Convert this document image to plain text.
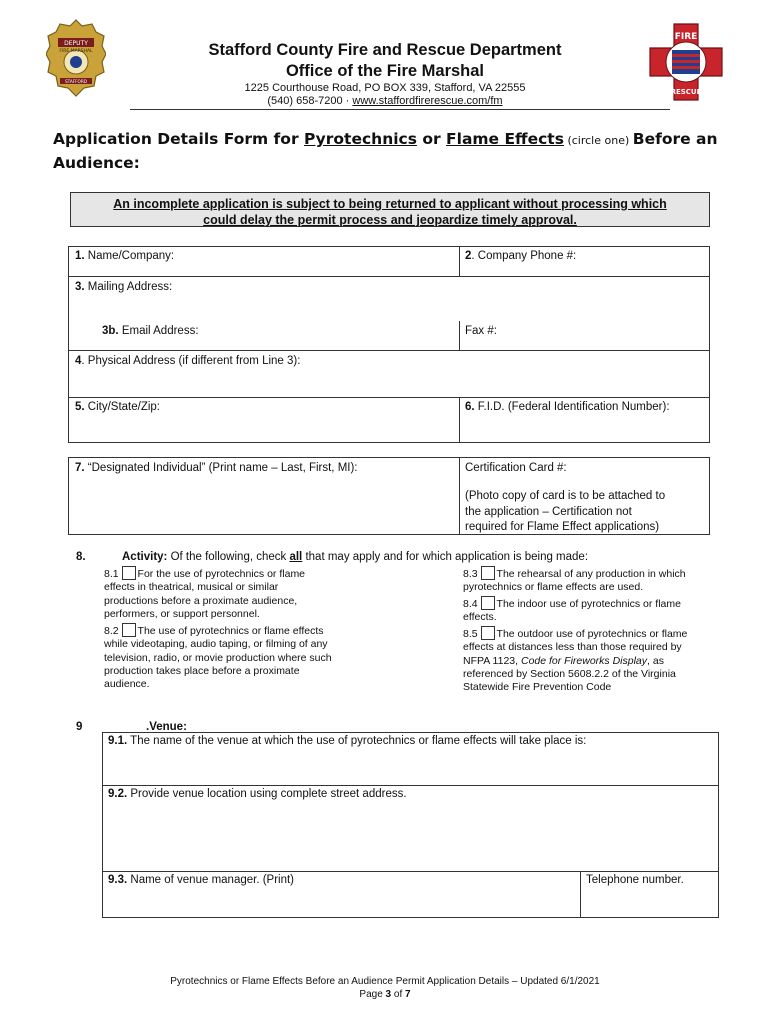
DEPUTY
FIRE MARSHAL
STAFFORD
Stafford County Fire and Rescue Department
Office of the Fire Marshal
1225 Courthouse Road, PO BOX 339, Stafford, VA 22555
(540) 658-7200 · www.staffordfirerescue.com/fm
FIRE
RESCUE
Application Details Form for Pyrotechnics or Flame Effects (circle one) Before an
Audience:
An incomplete application is subject to being returned to applicant without processing which
could delay the permit process and jeopardize timely approval.
1. Name/Company:	2. Company Phone #:
3. Mailing Address:
3b. Email Address:	Fax #:
4. Physical Address (if different from Line 3):
5. City/State/Zip:	6. F.I.D. (Federal Identification Number):
7. “Designated Individual” (Print name – Last, First, MI):	Certification Card #:
(Photo copy of card is to be attached to
the application – Certification not
required for Flame Effect applications)
8.	Activity: Of the following, check all that may apply and for which application is being made:
8.1 For the use of pyrotechnics or flame
effects in theatrical, musical or similar
productions before a proximate audience,
performers, or support personnel.
8.2 The use of pyrotechnics or flame effects
while videotaping, audio taping, or filming of any
television, radio, or movie production where such
production takes place before a proximate
audience.
8.3 The rehearsal of any production in which
pyrotechnics or flame effects are used.
8.4 The indoor use of pyrotechnics or flame
effects.
8.5 The outdoor use of pyrotechnics or flame
effects at distances less than those required by
NFPA 1123, Code for Fireworks Display, as
referenced by Section 5608.2.2 of the Virginia
Statewide Fire Prevention Code
9	.Venue:
9.1. The name of the venue at which the use of pyrotechnics or flame effects will take place is:
9.2. Provide venue location using complete street address.
9.3. Name of venue manager. (Print)	Telephone number.
Pyrotechnics or Flame Effects Before an Audience Permit Application Details – Updated 6/1/2021
Page 3 of 7
